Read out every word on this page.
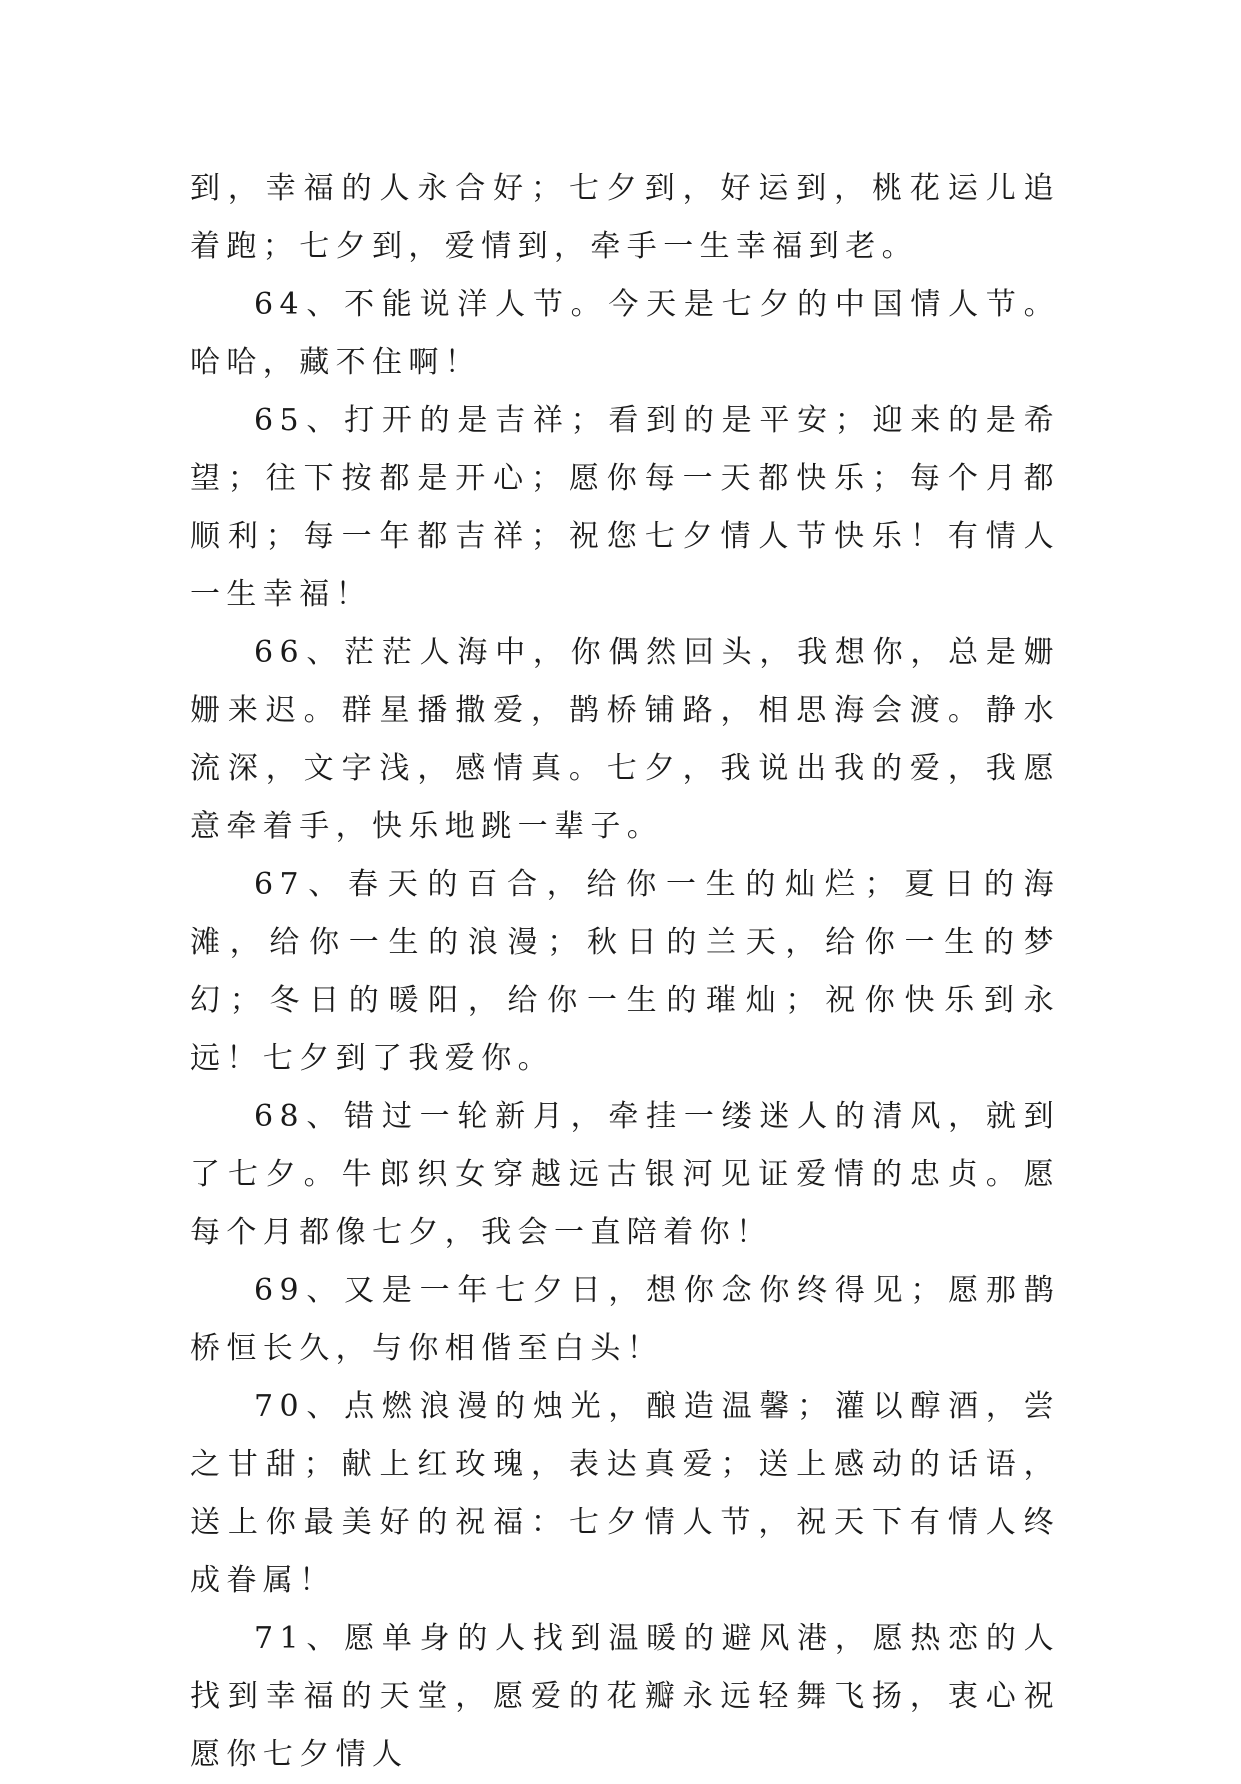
到，幸福的人永合好；七夕到，好运到，桃花运儿追着跑；七夕到，爱情到，牵手一生幸福到老。

64、不能说洋人节。今天是七夕的中国情人节。哈哈，藏不住啊！

65、打开的是吉祥；看到的是平安；迎来的是希望；往下按都是开心；愿你每一天都快乐；每个月都顺利；每一年都吉祥；祝您七夕情人节快乐！有情人一生幸福！

66、茫茫人海中，你偶然回头，我想你，总是姗姗来迟。群星播撒爱，鹊桥铺路，相思海会渡。静水流深，文字浅，感情真。七夕，我说出我的爱，我愿意牵着手，快乐地跳一辈子。

67、春天的百合，给你一生的灿烂；夏日的海滩，给你一生的浪漫；秋日的兰天，给你一生的梦幻；冬日的暖阳，给你一生的璀灿；祝你快乐到永远！七夕到了我爱你。

68、错过一轮新月，牵挂一缕迷人的清风，就到了七夕。牛郎织女穿越远古银河见证爱情的忠贞。愿每个月都像七夕，我会一直陪着你！

69、又是一年七夕日，想你念你终得见；愿那鹊桥恒长久，与你相偕至白头！

70、点燃浪漫的烛光，酿造温馨；灌以醇酒，尝之甘甜；献上红玫瑰，表达真爱；送上感动的话语，送上你最美好的祝福：七夕情人节，祝天下有情人终成眷属！

71、愿单身的人找到温暖的避风港，愿热恋的人找到幸福的天堂，愿爱的花瓣永远轻舞飞扬，衷心祝愿你七夕情人
